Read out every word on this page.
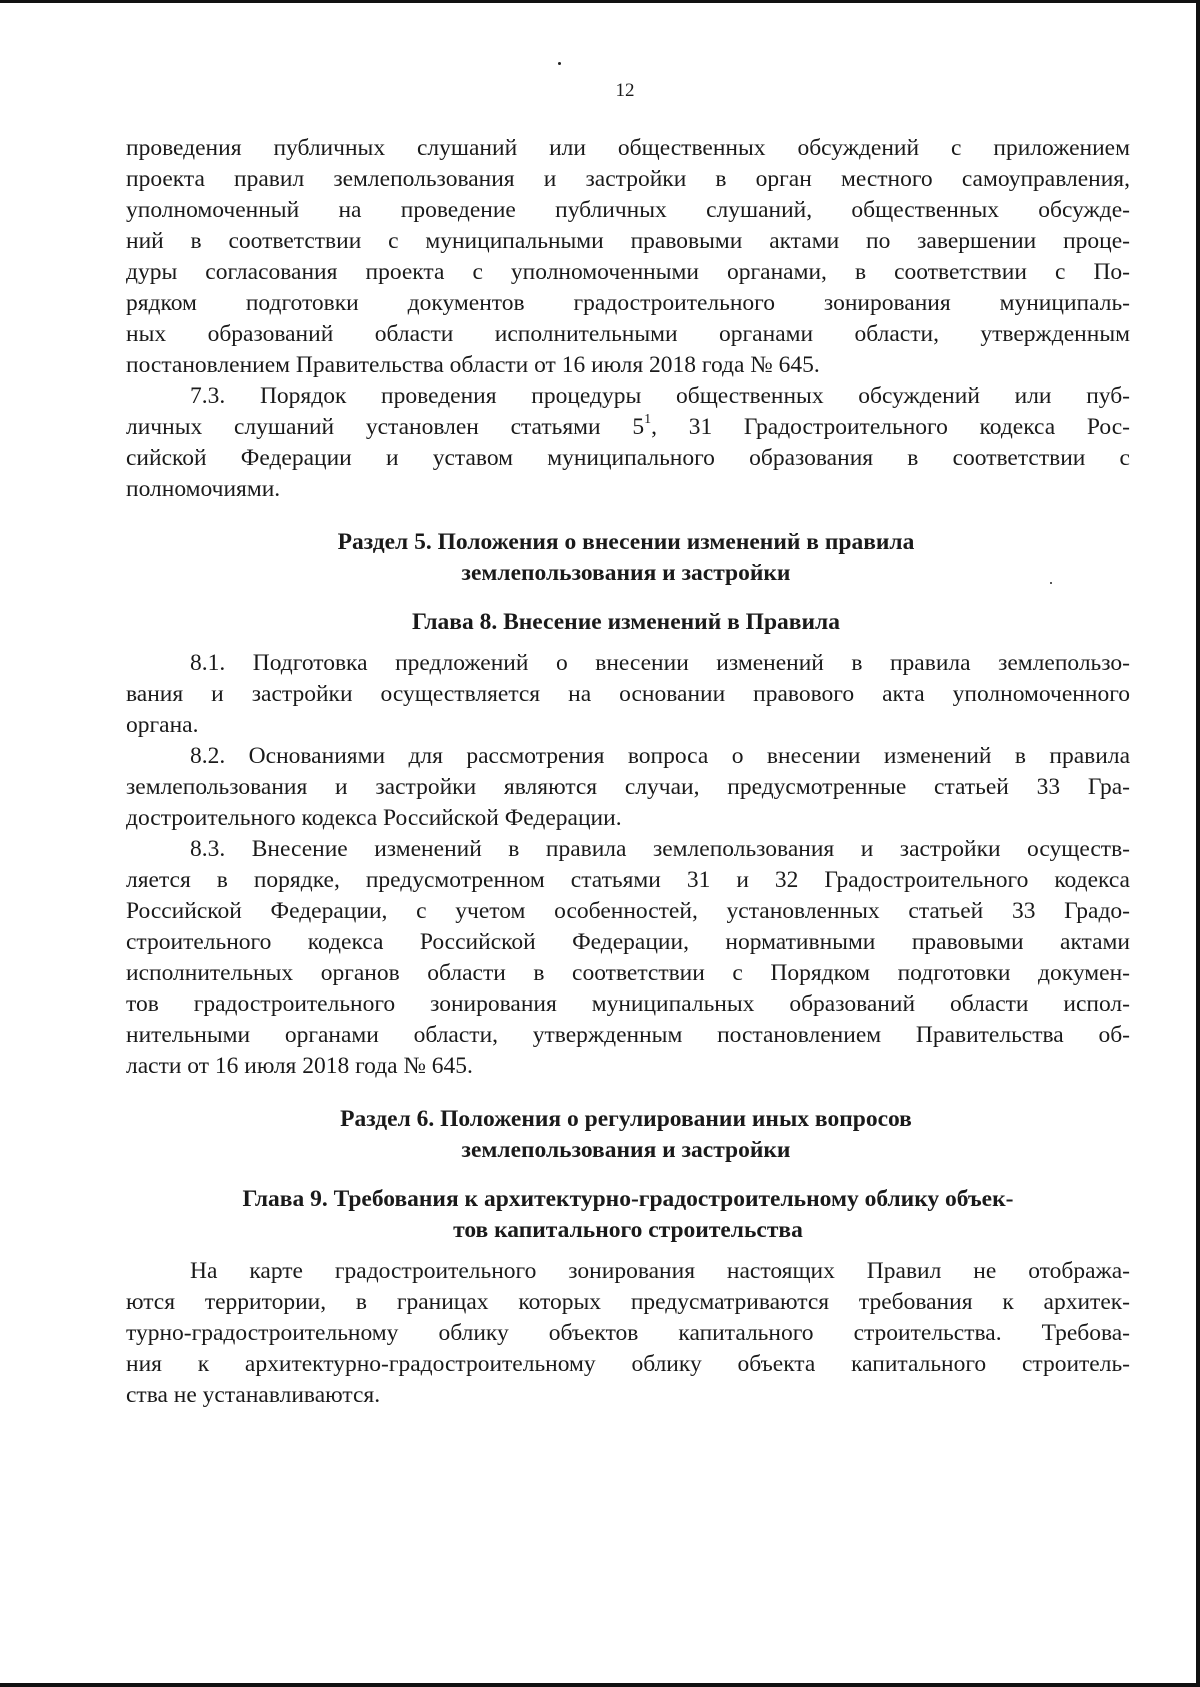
12
проведения публичных слушаний или общественных обсуждений с приложением
проекта правил землепользования и застройки в орган местного самоуправления,
уполномоченный на проведение публичных слушаний, общественных обсужде-
ний в соответствии с муниципальными правовыми актами по завершении проце-
дуры согласования проекта с уполномоченными органами, в соответствии с По-
рядком подготовки документов градостроительного зонирования муниципаль-
ных образований области исполнительными органами области, утвержденным
постановлением Правительства области от 16 июля 2018 года № 645.
7.3. Порядок проведения процедуры общественных обсуждений или пуб-
личных слушаний установлен статьями $5^1$, 31 Градостроительного кодекса Рос-
сийской Федерации и уставом муниципального образования в соответствии с
полномочиями.
Раздел 5. Положения о внесении изменений в правила
землепользования и застройки
Глава 8. Внесение изменений в Правила
8.1. Подготовка предложений о внесении изменений в правила землепользо-
вания и застройки осуществляется на основании правового акта уполномоченного
органа.
8.2. Основаниями для рассмотрения вопроса о внесении изменений в правила
землепользования и застройки являются случаи, предусмотренные статьей 33 Гра-
достроительного кодекса Российской Федерации.
8.3. Внесение изменений в правила землепользования и застройки осуществ-
ляется в порядке, предусмотренном статьями 31 и 32 Градостроительного кодекса
Российской Федерации, с учетом особенностей, установленных статьей 33 Градо-
строительного кодекса Российской Федерации, нормативными правовыми актами
исполнительных органов области в соответствии с Порядком подготовки докумен-
тов градостроительного зонирования муниципальных образований области испол-
нительными органами области, утвержденным постановлением Правительства об-
ласти от 16 июля 2018 года № 645.
Раздел 6. Положения о регулировании иных вопросов
землепользования и застройки
Глава 9. Требования к архитектурно-градостроительному облику объек-
тов капитального строительства
На карте градостроительного зонирования настоящих Правил не отобража-
ются территории, в границах которых предусматриваются требования к архитек-
турно-градостроительному облику объектов капитального строительства. Требова-
ния к архитектурно-градостроительному облику объекта капитального строитель-
ства не устанавливаются.
